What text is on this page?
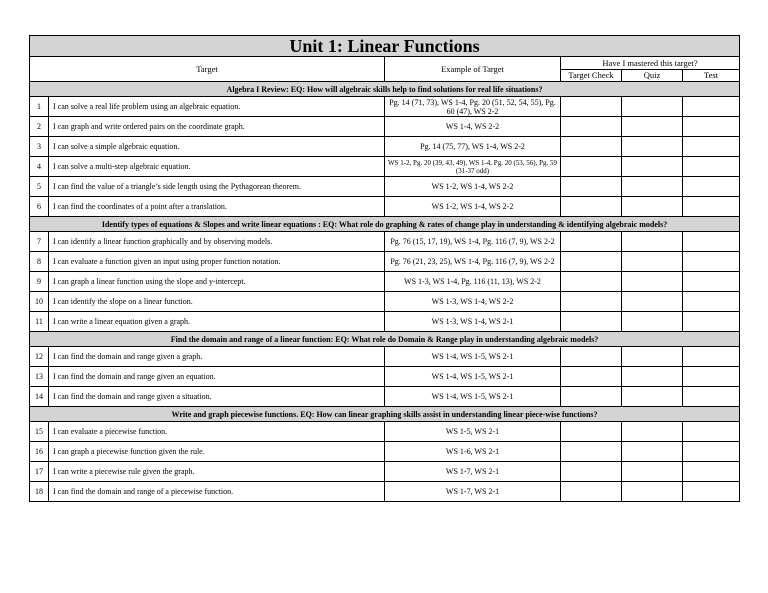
Unit 1: Linear Functions					
Target		Example of Target	Have I mastered this target?		
			Target Check	Quiz	Test
Algebra I Review: EQ: How will algebraic skills help to find solutions for real life situations?					
1	I can solve a real life problem using an algebraic equation.	Pg. 14 (71, 73), WS 1-4, Pg. 20 (51, 52, 54, 55), Pg. 60 (47), WS 2-2			
2	I can graph and write ordered pairs on the coordinate graph.	WS 1-4, WS 2-2			
3	I can solve a simple algebraic equation.	Pg. 14 (75, 77), WS 1-4, WS 2-2			
4	I can solve a multi-step algebraic equation.	WS 1-2, Pg. 20 (39, 43, 49), WS 1-4, Pg. 20 (53, 56), Pg. 59 (31-37 odd)			
5	I can find the value of a triangle’s side length using the Pythagorean theorem.	WS 1-2, WS 1-4, WS 2-2			
6	I can find the coordinates of a point after a translation.	WS 1-2, WS 1-4, WS 2-2			
Identify types of equations & Slopes and write linear equations : EQ: What role do graphing & rates of change play in understanding & identifying algebraic models?					
7	I can identify a linear function graphically and by observing models.	Pg. 76 (15, 17, 19), WS 1-4, Pg. 116 (7, 9), WS 2-2			
8	I can evaluate a function given an input using proper function notation.	Pg. 76 (21, 23, 25), WS 1-4, Pg. 116 (7, 9), WS 2-2			
9	I can graph a linear function using the slope and y-intercept.	WS 1-3, WS 1-4, Pg. 116 (11, 13), WS 2-2			
10	I can identify the slope on a linear function.	WS 1-3, WS 1-4, WS 2-2			
11	I can write a linear equation given a graph.	WS 1-3, WS 1-4, WS 2-1			
Find the domain and range of a linear function: EQ: What role do Domain & Range play in understanding algebraic models?					
12	I can find the domain and range given a graph.	WS 1-4, WS 1-5, WS 2-1			
13	I can find the domain and range given an equation.	WS 1-4, WS 1-5, WS 2-1			
14	I can find the domain and range given a situation.	WS 1-4, WS 1-5, WS 2-1			
Write and graph piecewise functions. EQ: How can linear graphing skills assist in understanding linear piece-wise functions?					
15	I can evaluate a piecewise function.	WS 1-5, WS 2-1			
16	I can graph a piecewise function given the rule.	WS 1-6, WS 2-1			
17	I can write a piecewise rule given the graph.	WS 1-7, WS 2-1			
18	I can find the domain and range of a piecewise function.	WS 1-7, WS 2-1			
